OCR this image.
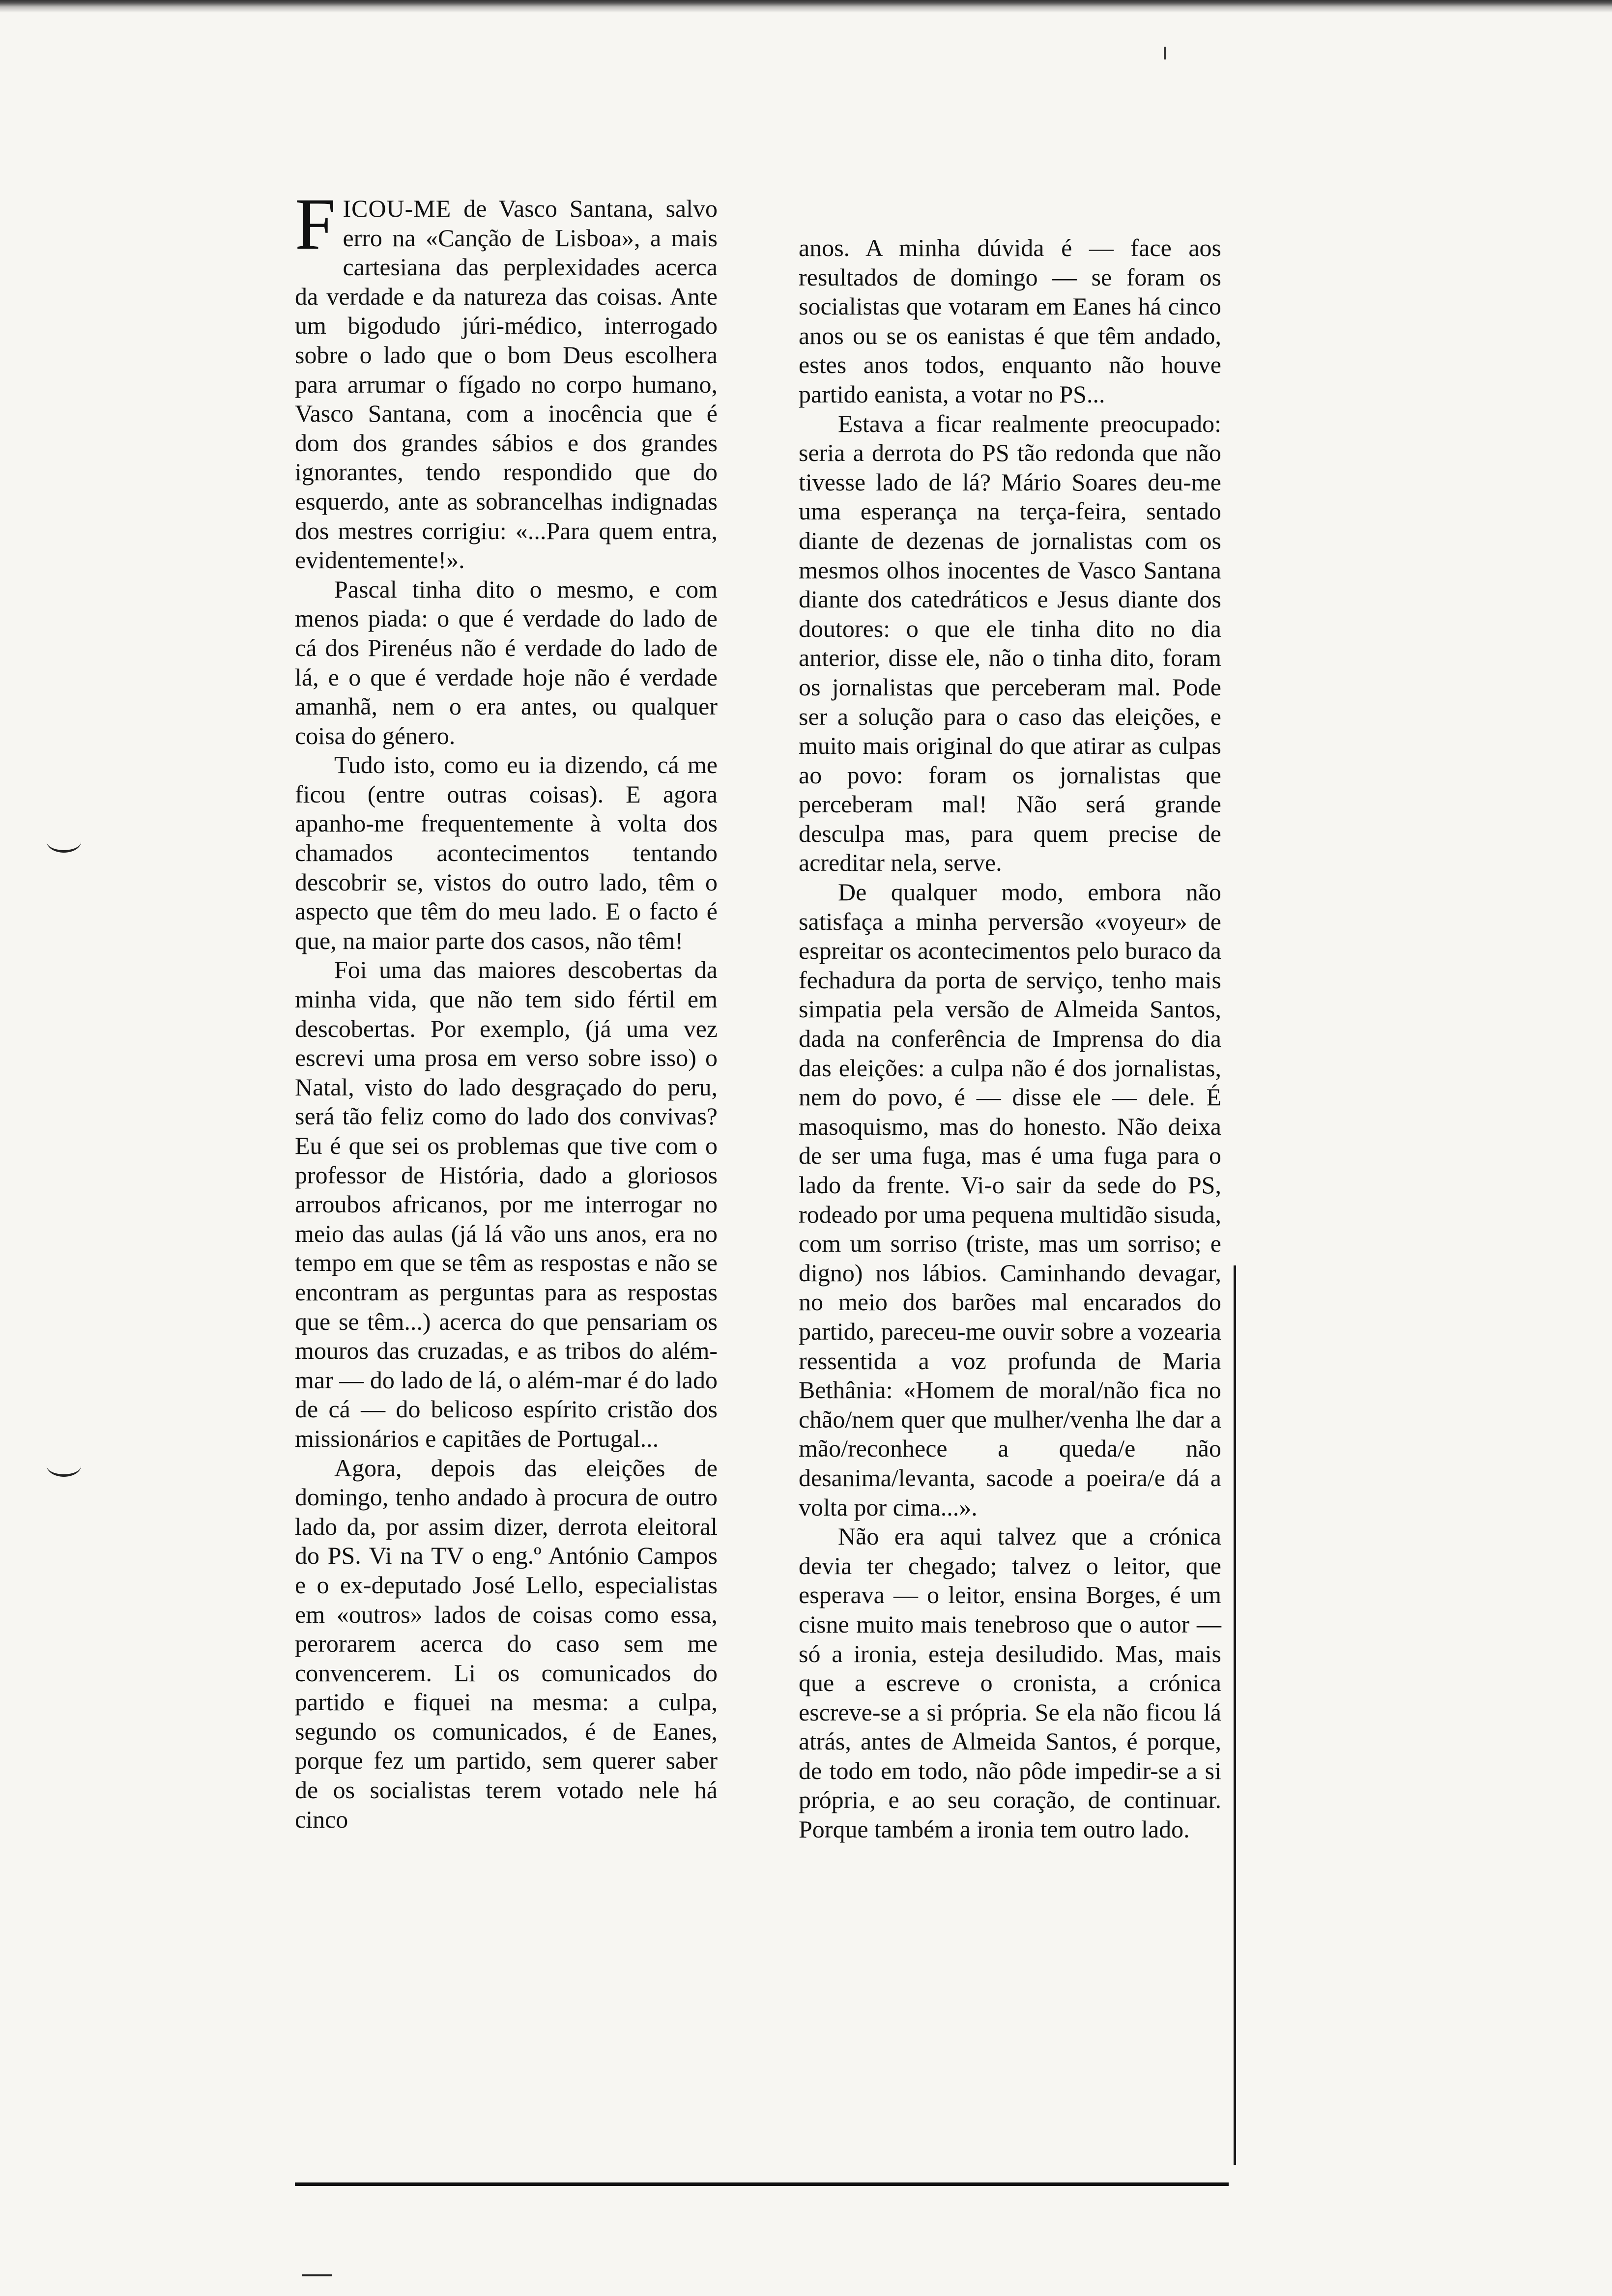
FICOU-ME de Vasco Santana, salvo erro na «Canção de Lisboa», a mais cartesiana das perplexidades acerca da verdade e da natureza das coisas. Ante um bigodudo júri-médico, interrogado sobre o lado que o bom Deus escolhera para arrumar o fígado no corpo humano, Vasco Santana, com a inocência que é dom dos grandes sábios e dos grandes ignorantes, tendo respondido que do esquerdo, ante as sobrancelhas indignadas dos mestres corrigiu: «...Para quem entra, evidentemente!».

Pascal tinha dito o mesmo, e com menos piada: o que é verdade do lado de cá dos Pirenéus não é verdade do lado de lá, e o que é verdade hoje não é verdade amanhã, nem o era antes, ou qualquer coisa do género.

Tudo isto, como eu ia dizendo, cá me ficou (entre outras coisas). E agora apanho-me frequentemente à volta dos chamados acontecimentos tentando descobrir se, vistos do outro lado, têm o aspecto que têm do meu lado. E o facto é que, na maior parte dos casos, não têm!

Foi uma das maiores descobertas da minha vida, que não tem sido fértil em descobertas. Por exemplo, (já uma vez escrevi uma prosa em verso sobre isso) o Natal, visto do lado desgraçado do peru, será tão feliz como do lado dos convivas? Eu é que sei os problemas que tive com o professor de História, dado a gloriosos arroubos africanos, por me interrogar no meio das aulas (já lá vão uns anos, era no tempo em que se têm as respostas e não se encontram as perguntas para as respostas que se têm...) acerca do que pensariam os mouros das cruzadas, e as tribos do além-mar — do lado de lá, o além-mar é do lado de cá — do belicoso espírito cristão dos missionários e capitães de Portugal...

Agora, depois das eleições de domingo, tenho andado à procura de outro lado da, por assim dizer, derrota eleitoral do PS. Vi na TV o eng.º António Campos e o ex-deputado José Lello, especialistas em «outros» lados de coisas como essa, perorarem acerca do caso sem me convencerem. Li os comunicados do partido e fiquei na mesma: a culpa, segundo os comunicados, é de Eanes, porque fez um partido, sem querer saber de os socialistas terem votado nele há cinco

anos. A minha dúvida é — face aos resultados de domingo — se foram os socialistas que votaram em Eanes há cinco anos ou se os eanistas é que têm andado, estes anos todos, enquanto não houve partido eanista, a votar no PS...

Estava a ficar realmente preocupado: seria a derrota do PS tão redonda que não tivesse lado de lá? Mário Soares deu-me uma esperança na terça-feira, sentado diante de dezenas de jornalistas com os mesmos olhos inocentes de Vasco Santana diante dos catedráticos e Jesus diante dos doutores: o que ele tinha dito no dia anterior, disse ele, não o tinha dito, foram os jornalistas que perceberam mal. Pode ser a solução para o caso das eleições, e muito mais original do que atirar as culpas ao povo: foram os jornalistas que perceberam mal! Não será grande desculpa mas, para quem precise de acreditar nela, serve.

De qualquer modo, embora não satisfaça a minha perversão «voyeur» de espreitar os acontecimentos pelo buraco da fechadura da porta de serviço, tenho mais simpatia pela versão de Almeida Santos, dada na conferência de Imprensa do dia das eleições: a culpa não é dos jornalistas, nem do povo, é — disse ele — dele. É masoquismo, mas do honesto. Não deixa de ser uma fuga, mas é uma fuga para o lado da frente. Vi-o sair da sede do PS, rodeado por uma pequena multidão sisuda, com um sorriso (triste, mas um sorriso; e digno) nos lábios. Caminhando devagar, no meio dos barões mal encarados do partido, pareceu-me ouvir sobre a vozearia ressentida a voz profunda de Maria Bethânia: «Homem de moral/não fica no chão/nem quer que mulher/venha lhe dar a mão/reconhece a queda/e não desanima/levanta, sacode a poeira/e dá a volta por cima...».

Não era aqui talvez que a crónica devia ter chegado; talvez o leitor, que esperava — o leitor, ensina Borges, é um cisne muito mais tenebroso que o autor — só a ironia, esteja desiludido. Mas, mais que a escreve o cronista, a crónica escreve-se a si própria. Se ela não ficou lá atrás, antes de Almeida Santos, é porque, de todo em todo, não pôde impedir-se a si própria, e ao seu coração, de continuar. Porque também a ironia tem outro lado.
